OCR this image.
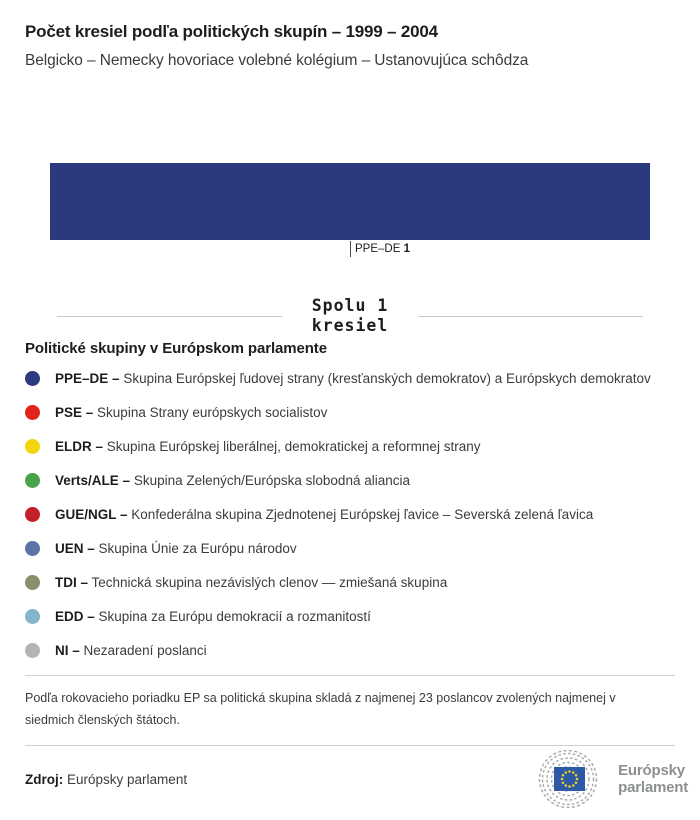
Počet kresiel podľa politických skupín – 1999 – 2004
Belgicko – Nemecky hovoriace volebné kolégium – Ustanovujúca schôdza
PPE–DE 1
Spolu 1
kresiel
Politické skupiny v Európskom parlamente

PPE–DE – Skupina Európskej ľudovej strany (kresťanských demokratov) a Európskych demokratov

PSE – Skupina Strany európskych socialistov

ELDR – Skupina Európskej liberálnej, demokratickej a reformnej strany

Verts/ALE – Skupina Zelených/Európska slobodná aliancia

GUE/NGL – Konfederálna skupina Zjednotenej Európskej ľavice – Severská zelená ľavica

UEN – Skupina Únie za Európu národov

TDI – Technická skupina nezávislých clenov — zmiešaná skupina

EDD – Skupina za Európu demokracií a rozmanitostí

NI – Nezaradení poslanci

Podľa rokovacieho poriadku EP sa politická skupina skladá z najmenej 23 poslancov zvolených najmenej v siedmich členských štátoch.

Zdroj: Európsky parlament

Európsky
parlament
